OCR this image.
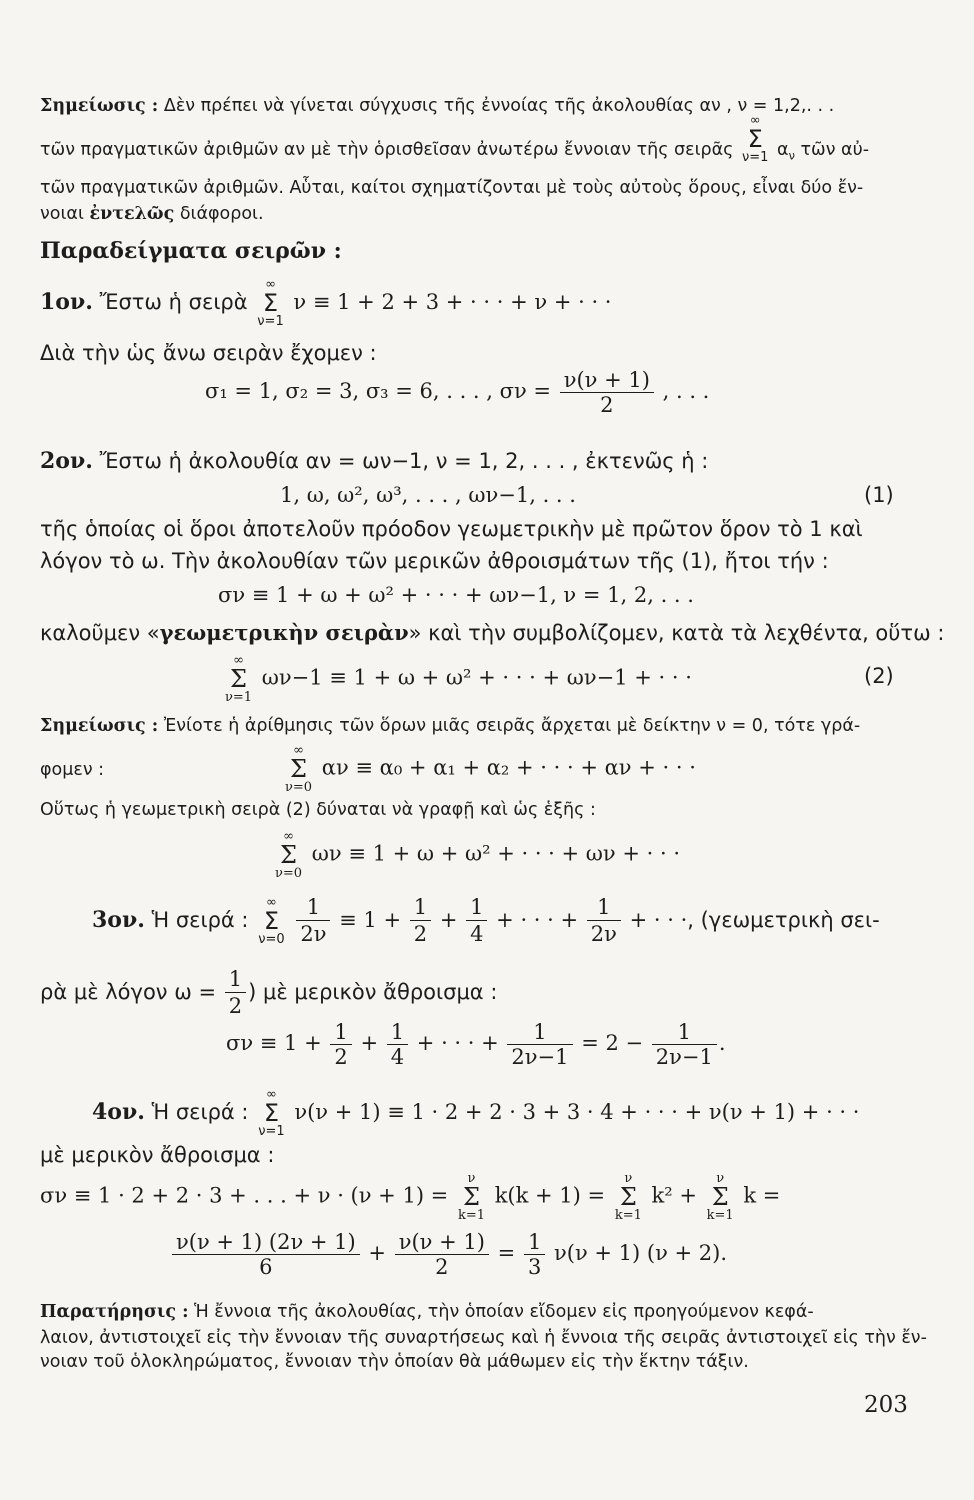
Σημείωσις : Δὲν πρέπει νὰ γίνεται σύγχυσις τῆς ἐννοίας τῆς ἀκολουθίας αν , ν = 1,2,. . .
τῶν πραγματικῶν ἀριθμῶν αν μὲ τὴν ὁρισθεῖσαν ἀνωτέρω ἔννοιαν τῆς σειρᾶς
∞
Σ
ν=1 $\alpha_\nu$ τῶν αὐ-
τῶν πραγματικῶν ἀριθμῶν. Αὗται, καίτοι σχηματίζονται μὲ τοὺς αὐτοὺς ὅρους, εἶναι δύο ἔν-
νοιαι ἐντελῶς διάφοροι.
Παραδείγματα σειρῶν :
1ον. Ἔστω ἡ σειρὰ
∞
Σ
ν=1
ν ≡ 1 + 2 + 3 + · · · + ν + · · ·
Διὰ τὴν ὡς ἄνω σειρὰν ἔχομεν :
σ₁ = 1, σ₂ = 3, σ₃ = 6, . . . , $\sigma\nu = \frac{\nu(\nu + 1)}{2}$ , . . .
2ον. Ἔστω ἡ ἀκολουθία αν = ων−1, ν = 1, 2, . . . , ἐκτενῶς ἡ :
1, ω, ω², ω³, . . . , ων−1, . . .	(1)
τῆς ὁποίας οἱ ὅροι ἀποτελοῦν πρόοδον γεωμετρικὴν μὲ πρῶτον ὅρον τὸ 1 καὶ
λόγον τὸ ω. Τὴν ἀκολουθίαν τῶν μερικῶν ἀθροισμάτων τῆς (1), ἤτοι τήν :
σν ≡ 1 + ω + ω² + · · · + ων−1, ν = 1, 2, . . .
καλοῦμεν «γεωμετρικὴν σειρὰν» καὶ τὴν συμβολίζομεν, κατὰ τὰ λεχθέντα, οὕτω :
∞
Σ
ν=1
ων−1 ≡ 1 + ω + ω² + · · · + ων−1 + · · ·	(2)
Σημείωσις : Ἐνίοτε ἡ ἀρίθμησις τῶν ὅρων μιᾶς σειρᾶς ἄρχεται μὲ δείκτην ν = 0, τότε γρά-
φομεν :
∞
Σ
ν=0
αν ≡ α₀ + α₁ + α₂ + · · · + αν + · · ·
Οὕτως ἡ γεωμετρικὴ σειρὰ (2) δύναται νὰ γραφῇ καὶ ὡς ἑξῆς :
∞
Σ
ν=0
ων ≡ 1 + ω + ω² + · · · + ων + · · ·
3ον. Ἡ σειρά :
∞
Σ
ν=0
$\frac{1}{2\nu} \equiv 1 + \frac{1}{2} + \frac{1}{4}$ + · · · + $\frac{1}{2\nu}$ + · · ·, (γεωμετρικὴ σει-
ρὰ μὲ λόγον $\omega = \frac{1}{2}$ ) μὲ μερικὸν ἄθροισμα :
$\sigma\nu \equiv 1 + \frac{1}{2} + \frac{1}{4}$ + · · · + $\frac{1}{2\nu-1} = 2 - \frac{1}{2\nu-1}$ .
4ον. Ἡ σειρά :
∞
Σ
ν=1
ν(ν + 1) ≡ 1 · 2 + 2 · 3 + 3 · 4 + · · · + ν(ν + 1) + · · ·
μὲ μερικὸν ἄθροισμα :
σν ≡ 1 · 2 + 2 · 3 + . . . + ν · (ν + 1) =
ν
Σ
k=1
k(k + 1) =
ν
Σ
k=1
k² +
ν
Σ
k=1
k =
$\frac{\nu(\nu + 1) (2\nu + 1)}{6} + \frac{\nu(\nu + 1)}{2} = \frac{1}{3} \nu(\nu + 1) (\nu + 2)$.
Παρατήρησις : Ἡ ἔννοια τῆς ἀκολουθίας, τὴν ὁποίαν εἴδομεν εἰς προηγούμενον κεφά-
λαιον, ἀντιστοιχεῖ εἰς τὴν ἔννοιαν τῆς συναρτήσεως καὶ ἡ ἔννοια τῆς σειρᾶς ἀντιστοιχεῖ εἰς τὴν ἔν-
νοιαν τοῦ ὁλοκληρώματος, ἔννοιαν τὴν ὁποίαν θὰ μάθωμεν εἰς τὴν ἕκτην τάξιν.
203
